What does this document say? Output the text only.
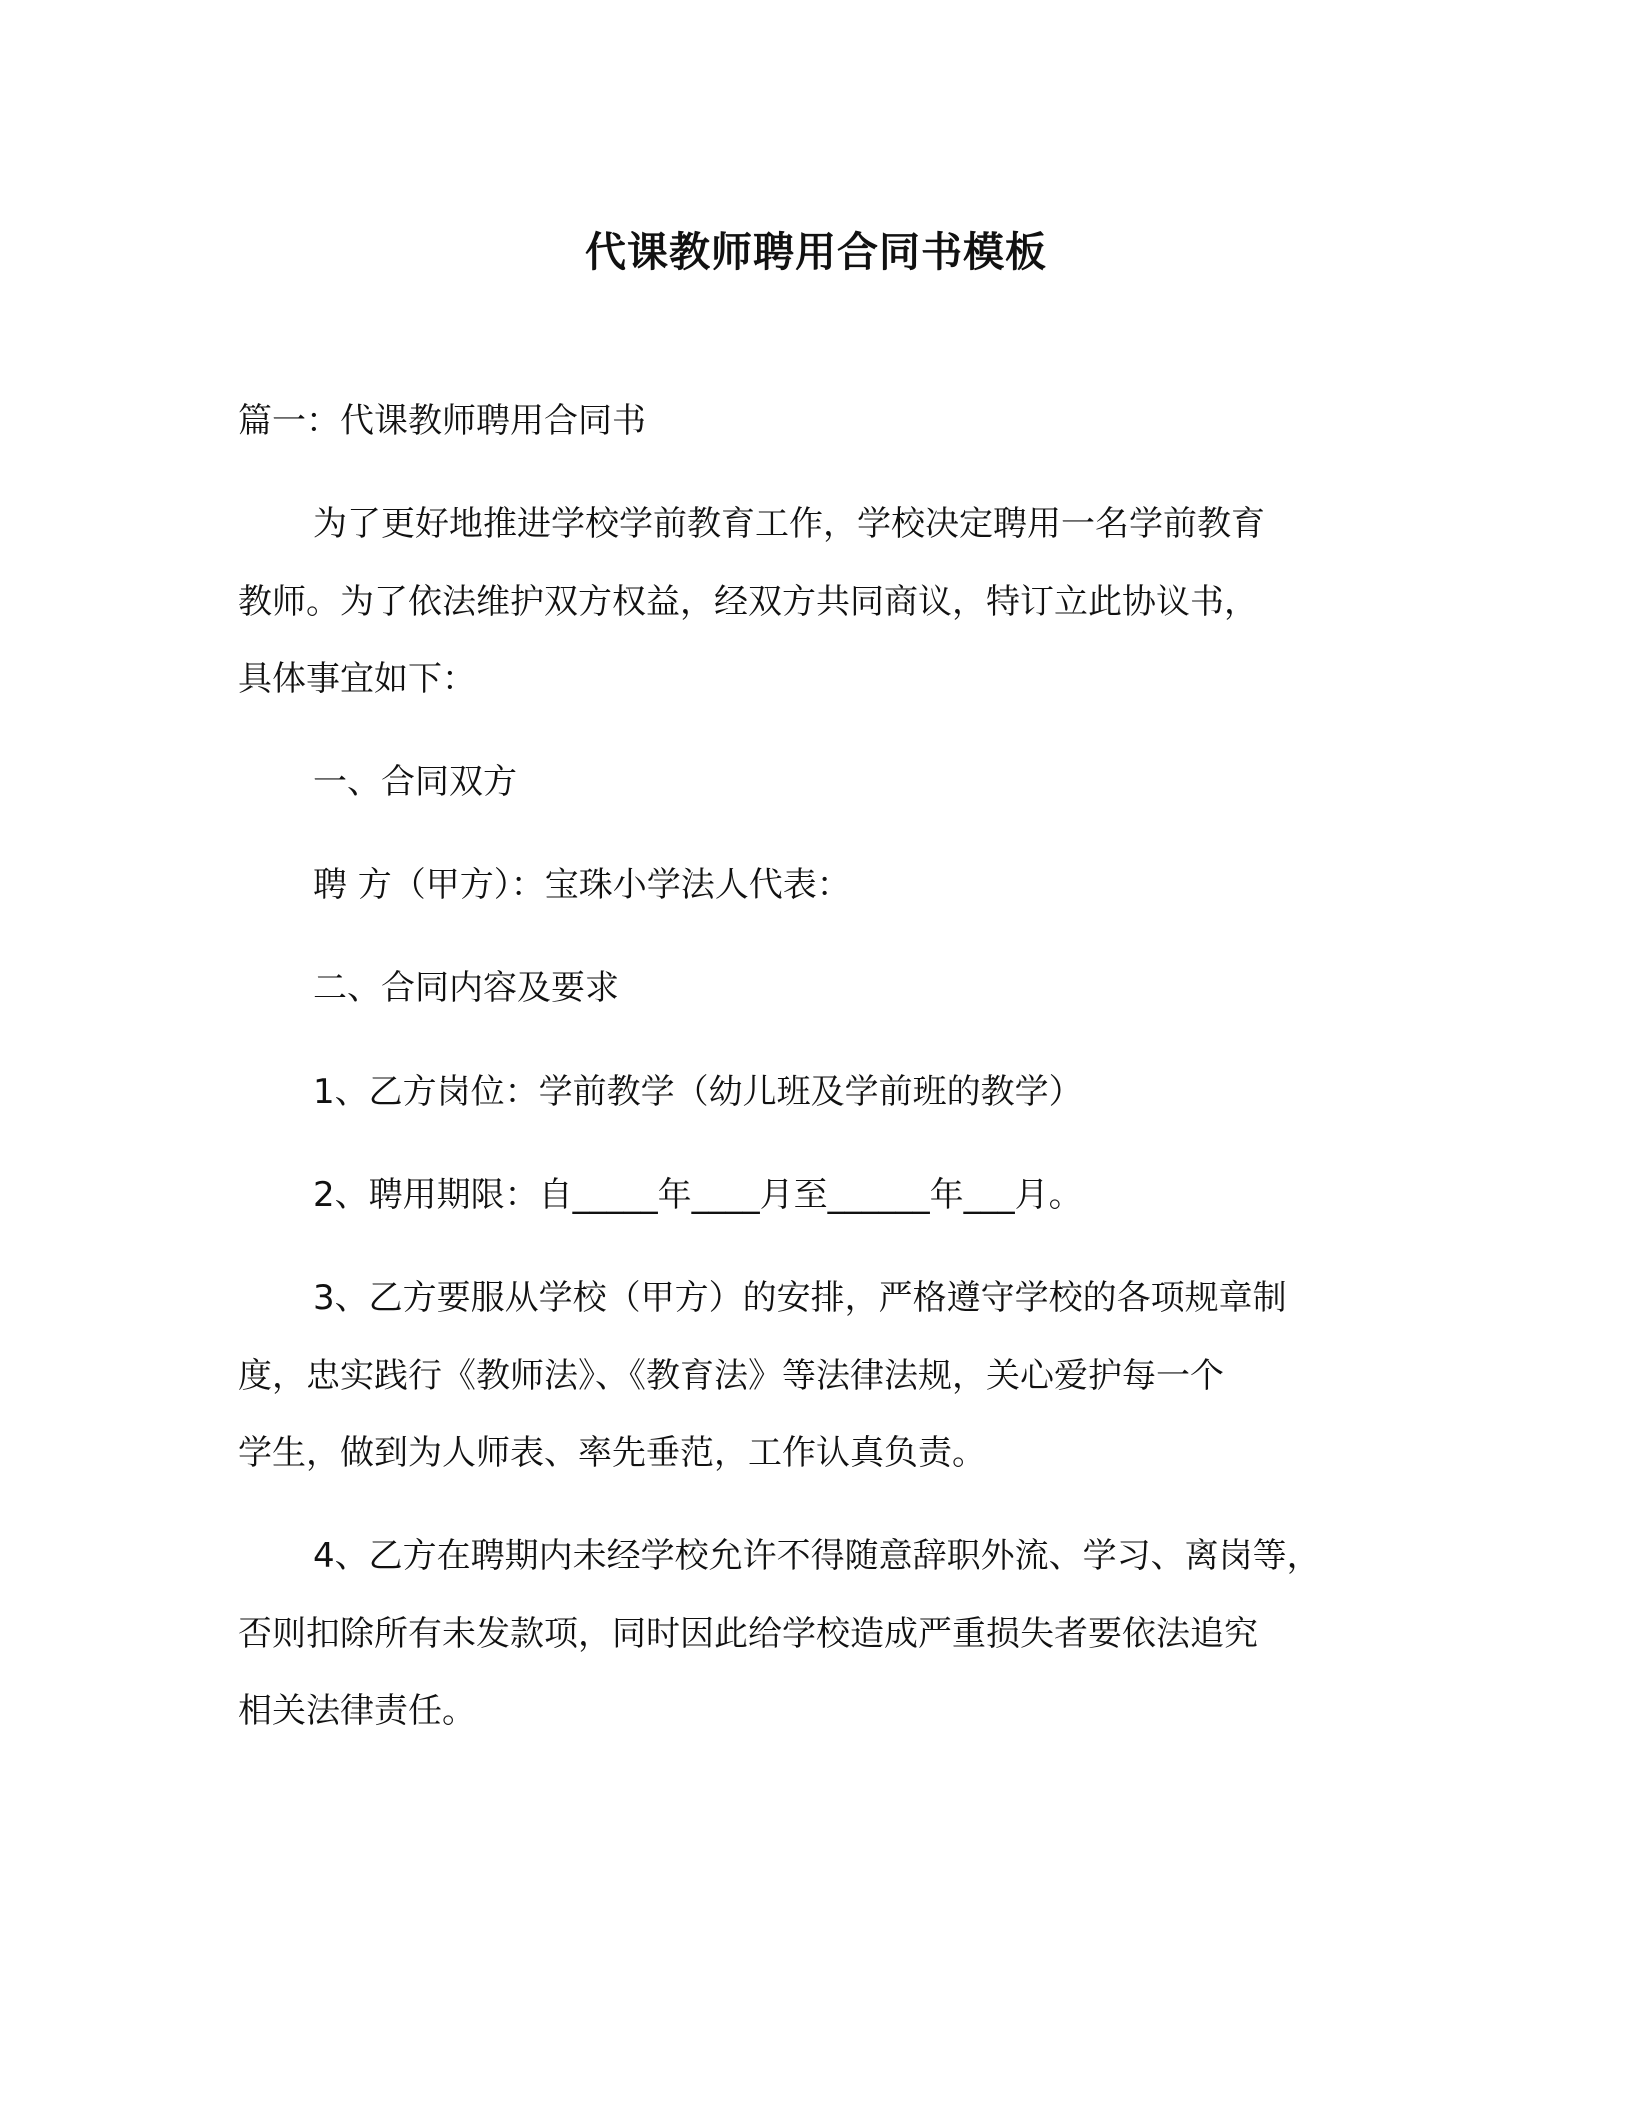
代课教师聘用合同书模板
篇一：代课教师聘用合同书
为了更好地推进学校学前教育工作，学校决定聘用一名学前教育
教师。为了依法维护双方权益，经双方共同商议，特订立此协议书，
具体事宜如下：
一、合同双方
聘 方（甲方）：宝珠小学法人代表：
二、合同内容及要求
1、乙方岗位：学前教学（幼儿班及学前班的教学）
2、聘用期限：自_____年____月至______年___月。
3、乙方要服从学校（甲方）的安排，严格遵守学校的各项规章制
度，忠实践行《教师法》、《教育法》等法律法规，关心爱护每一个
学生，做到为人师表、率先垂范，工作认真负责。
4、乙方在聘期内未经学校允许不得随意辞职外流、学习、离岗等，
否则扣除所有未发款项，同时因此给学校造成严重损失者要依法追究
相关法律责任。
